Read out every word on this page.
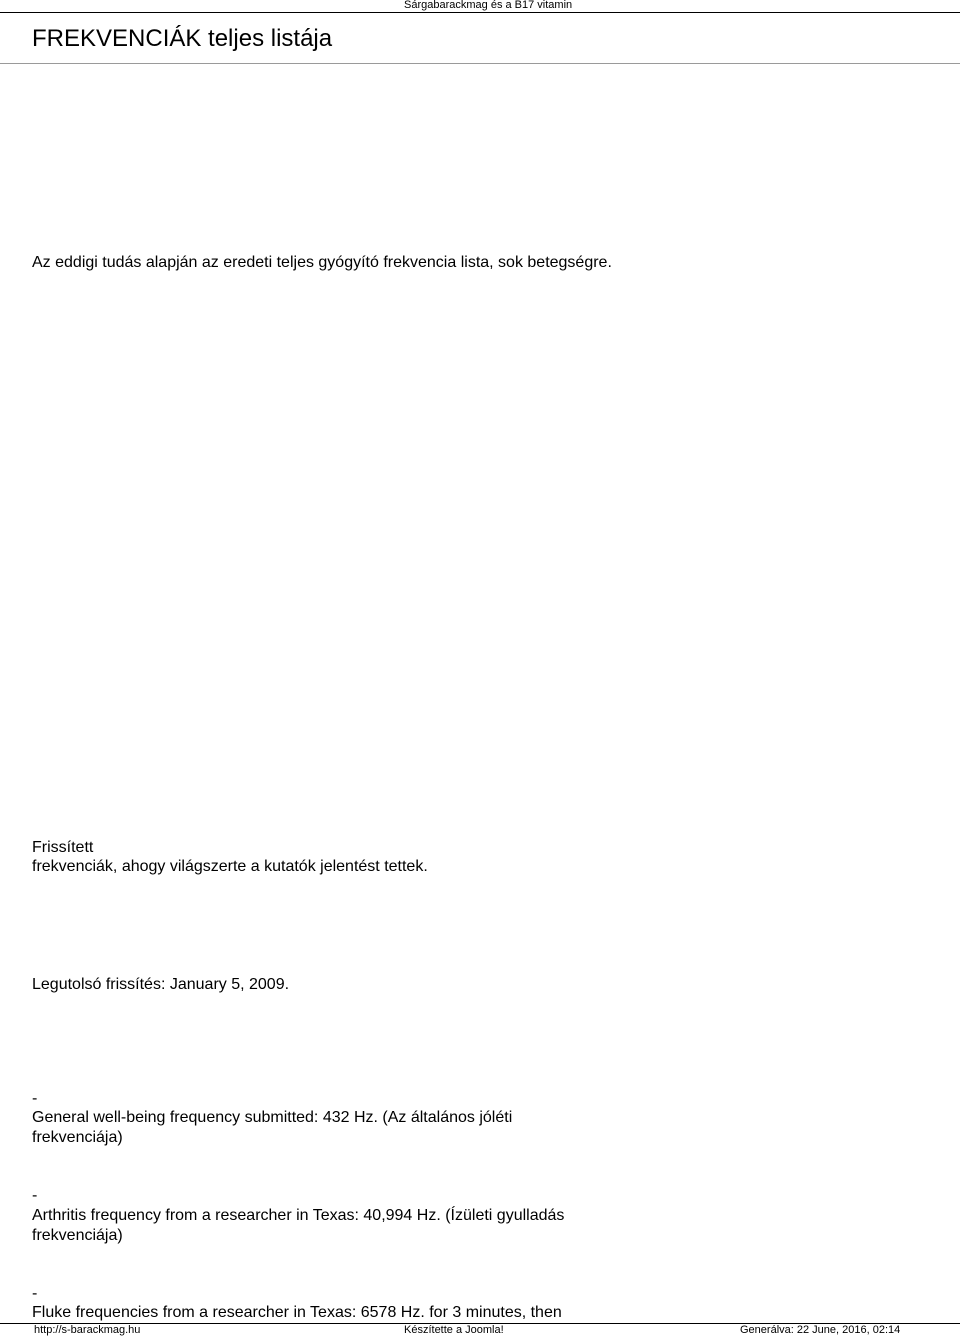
Sárgabarackmag és a B17 vitamin
FREKVENCIÁK teljes listája
Az eddigi tudás alapján az eredeti teljes gyógyító frekvencia lista, sok betegségre.
Frissített
frekvenciák, ahogy világszerte a kutatók jelentést tettek.
Legutolsó frissítés: January 5, 2009.
-
General well-being frequency submitted: 432 Hz. (Az általános jóléti
frekvenciája)
-
Arthritis frequency from a researcher in Texas: 40,994 Hz. (Ízületi gyulladás
frekvenciája)
-
Fluke frequencies from a researcher in Texas: 6578 Hz. for 3 minutes, then
http://s-barackmag.hu	Készítette a Joomla!	Generálva: 22 June, 2016, 02:14
